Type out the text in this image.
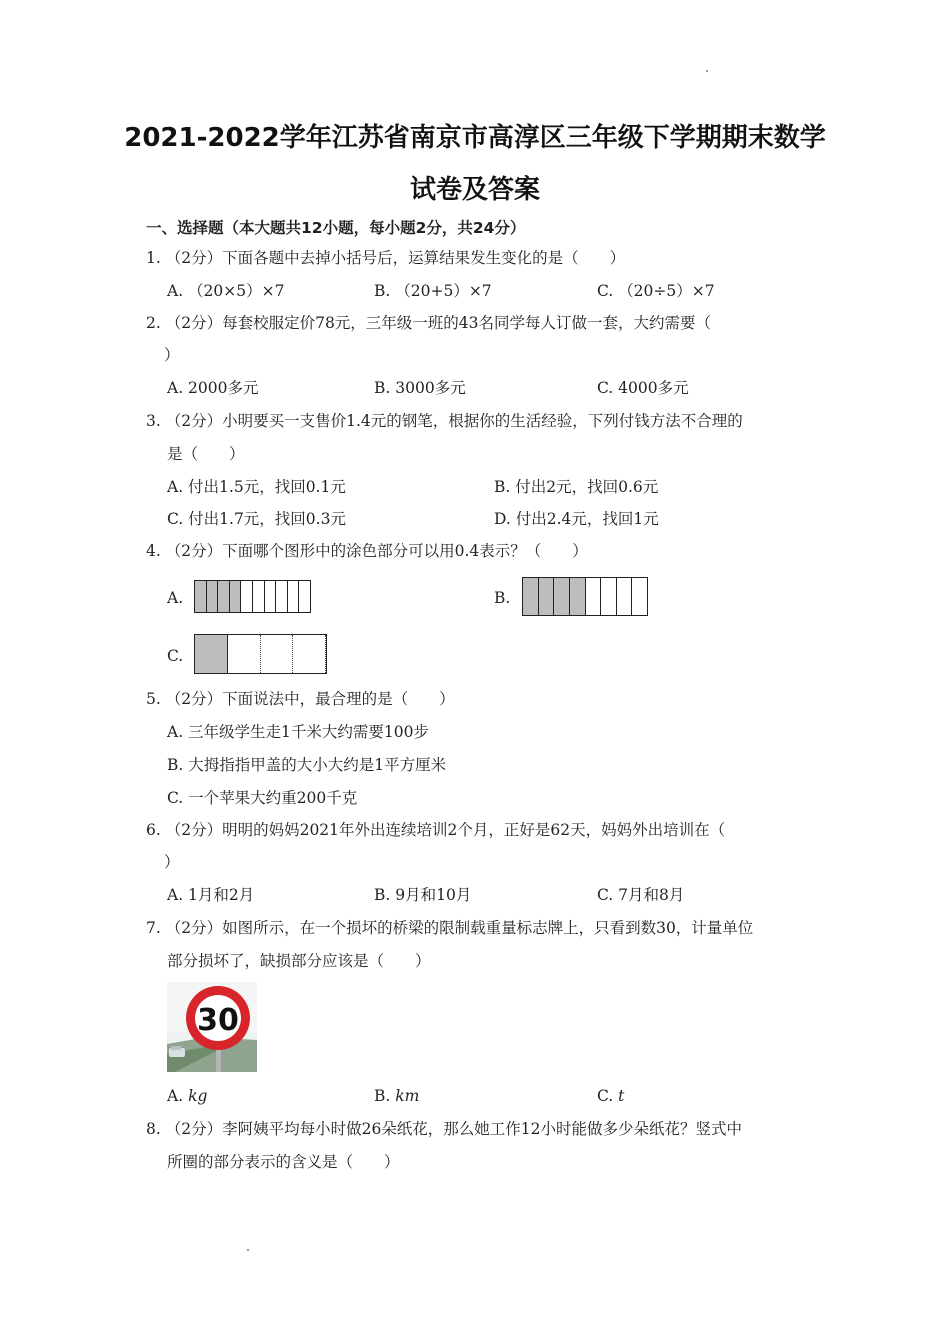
2021-2022学年江苏省南京市高淳区三年级下学期期末数学
试卷及答案
一、选择题（本大题共12小题，每小题2分，共24分）
1. （2分）下面各题中去掉小括号后，运算结果发生变化的是（　　）
A. （20×5）×7	B. （20+5）×7	C. （20÷5）×7
2. （2分）每套校服定价78元，三年级一班的43名同学每人订做一套，大约需要（
）
A. 2000多元	B. 3000多元	C. 4000多元
3. （2分）小明要买一支售价1.4元的钢笔，根据你的生活经验，下列付钱方法不合理的
是（　　）
A. 付出1.5元，找回0.1元	B. 付出2元，找回0.6元
C. 付出1.7元，找回0.3元	D. 付出2.4元，找回1元
4. （2分）下面哪个图形中的涂色部分可以用0.4表示？（　　）
A.	B.
C.
5. （2分）下面说法中，最合理的是（　　）
A. 三年级学生走1千米大约需要100步
B. 大拇指指甲盖的大小大约是1平方厘米
C. 一个苹果大约重200千克
6. （2分）明明的妈妈2021年外出连续培训2个月，正好是62天，妈妈外出培训在（
）
A. 1月和2月	B. 9月和10月	C. 7月和8月
7. （2分）如图所示，在一个损坏的桥梁的限制载重量标志牌上，只看到数30，计量单位
部分损坏了，缺损部分应该是（　　）
30
A. kg	B. km	C. t
8. （2分）李阿姨平均每小时做26朵纸花，那么她工作12小时能做多少朵纸花？竖式中
所圈的部分表示的含义是（　　）
